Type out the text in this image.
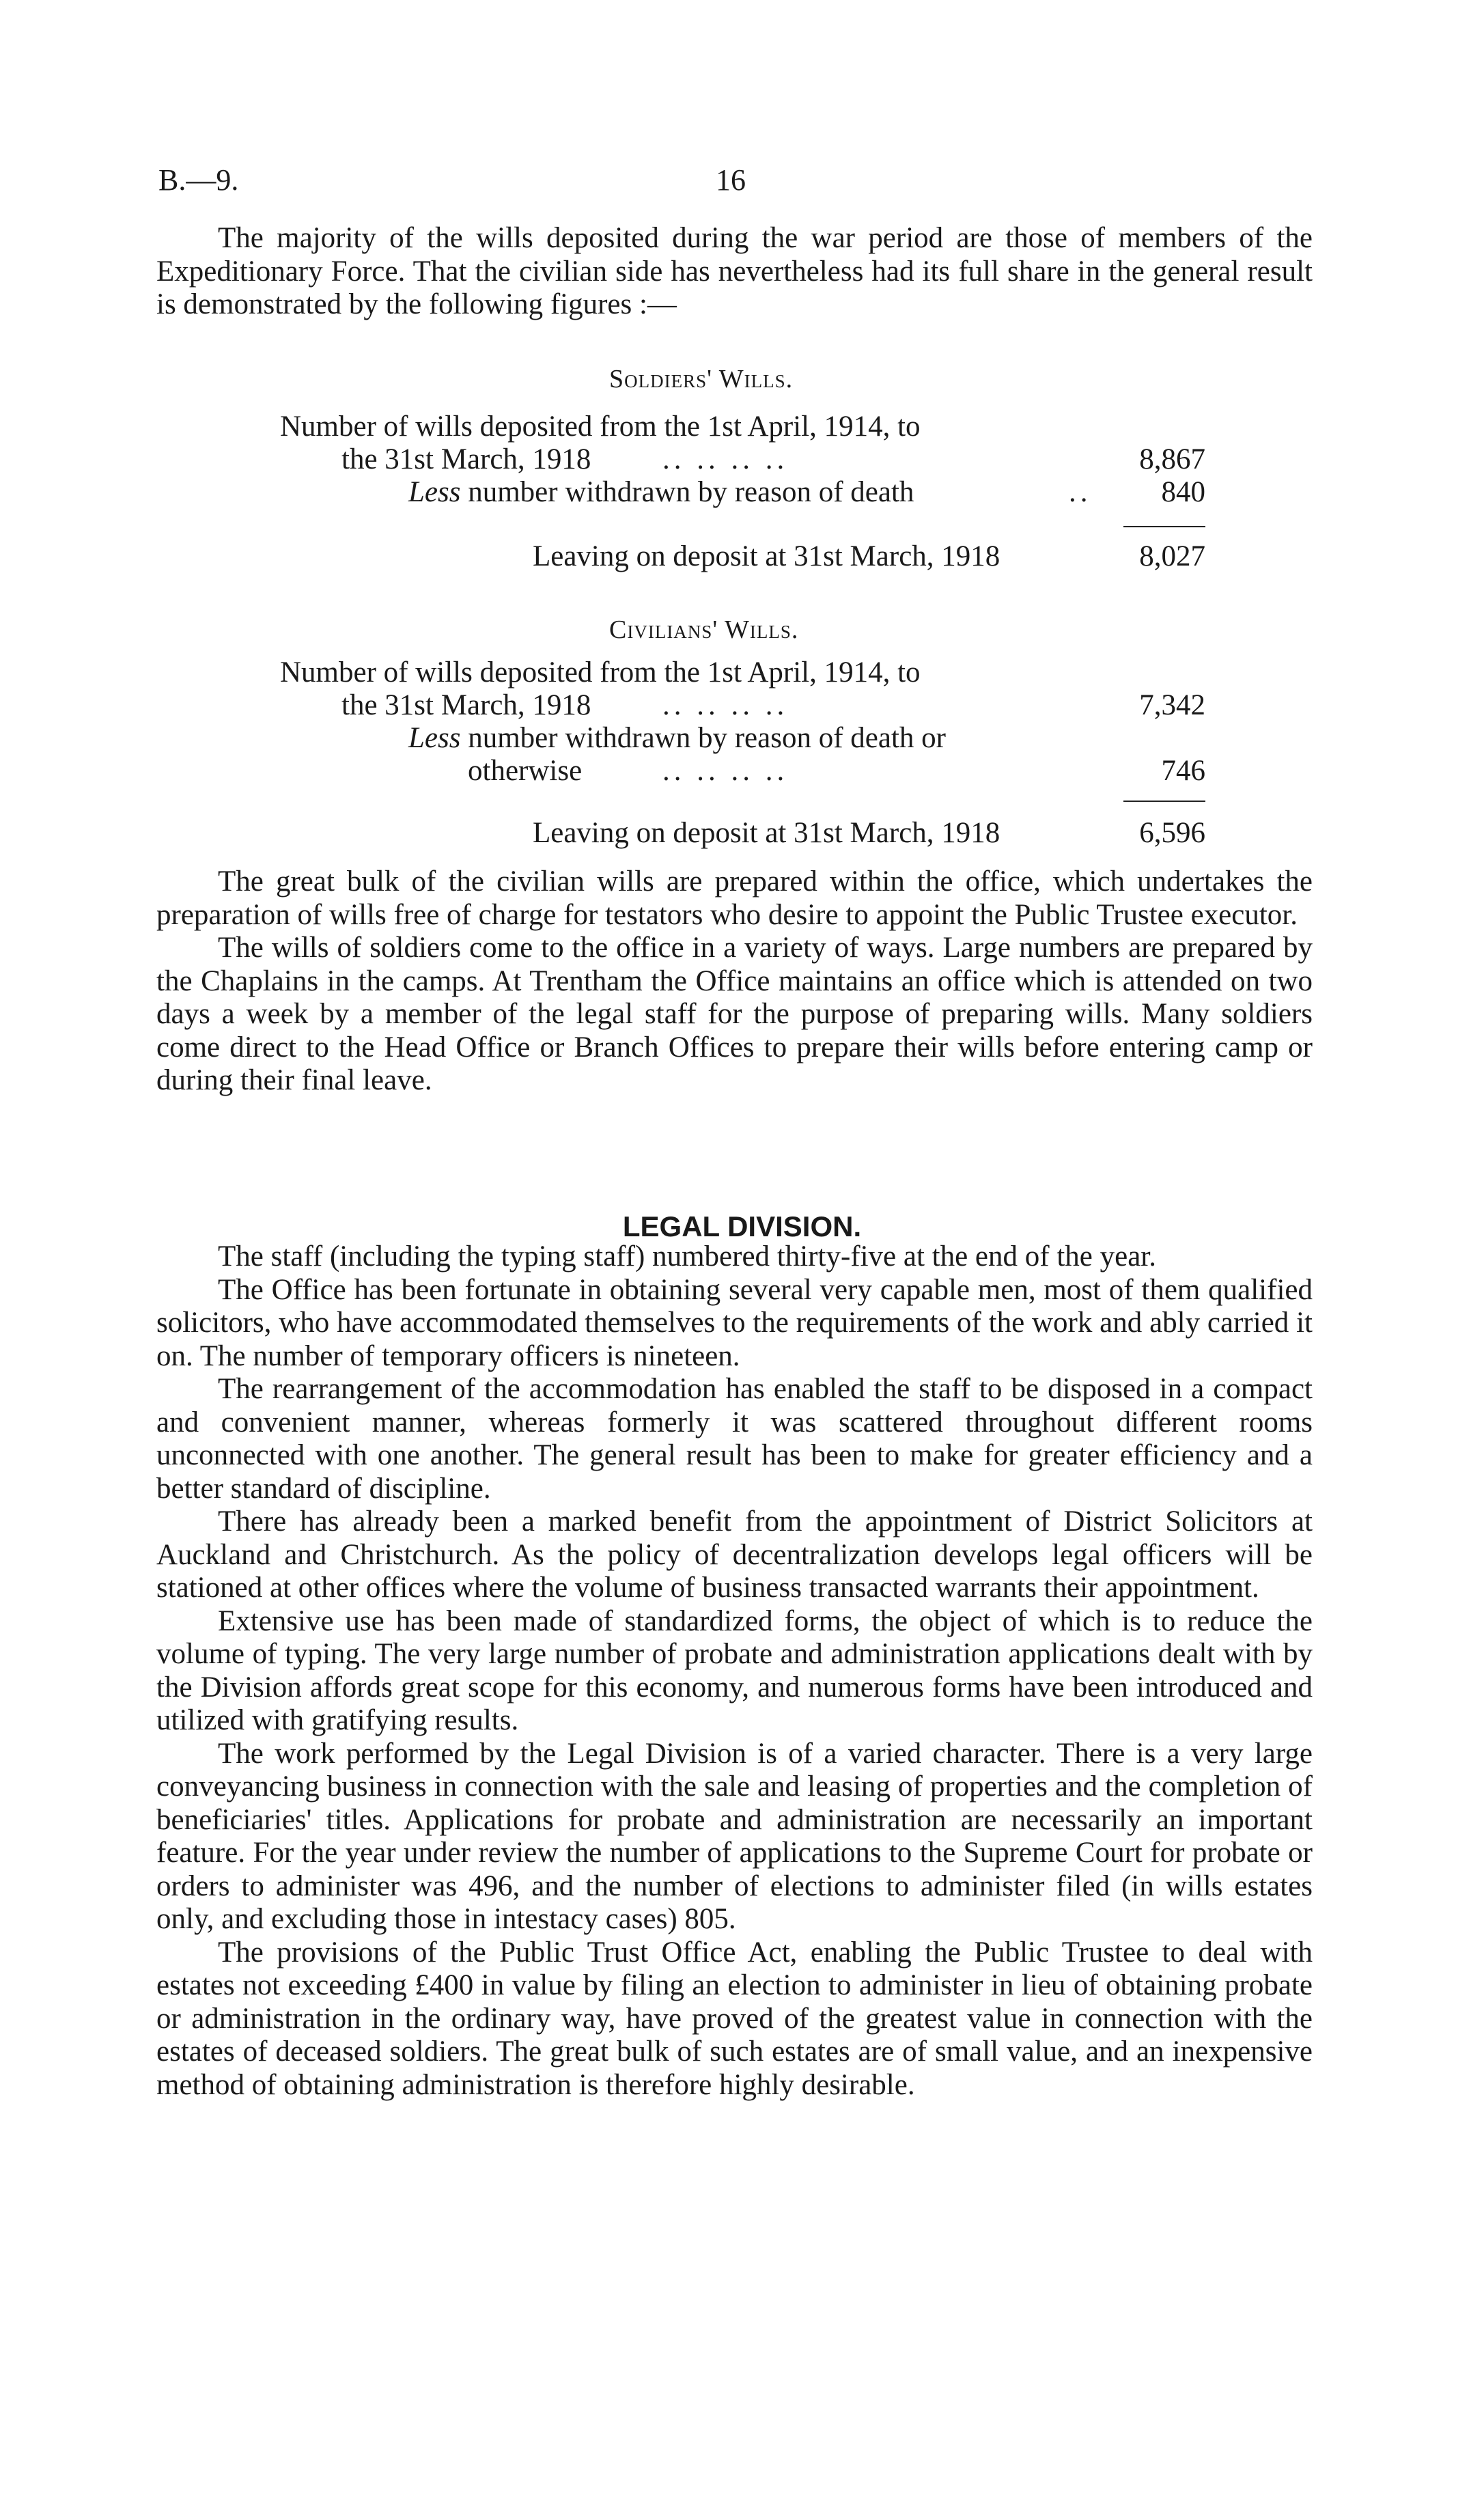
B.—9.	16

The majority of the wills deposited during the war period are those of members of the Expeditionary Force. That the civilian side has nevertheless had its full share in the general result is demonstrated by the following figures :—

Soldiers' Wills.
Number of wills deposited from the 1st April, 1914, to
the 31st March, 1918 .. .. .. ..	8,867
Less number withdrawn by reason of death	..	840
Leaving on deposit at 31st March, 1918	8,027
Civilians' Wills.
Number of wills deposited from the 1st April, 1914, to
the 31st March, 1918 .. .. .. ..	7,342
Less number withdrawn by reason of death or
otherwise	.. .. .. ..	746
Leaving on deposit at 31st March, 1918	6,596

The great bulk of the civilian wills are prepared within the office, which undertakes the preparation of wills free of charge for testators who desire to appoint the Public Trustee executor.

The wills of soldiers come to the office in a variety of ways. Large numbers are prepared by the Chaplains in the camps. At Trentham the Office maintains an office which is attended on two days a week by a member of the legal staff for the purpose of preparing wills. Many soldiers come direct to the Head Office or Branch Offices to prepare their wills before entering camp or during their final leave.

LEGAL DIVISION.

The staff (including the typing staff) numbered thirty-five at the end of the year.

The Office has been fortunate in obtaining several very capable men, most of them qualified solicitors, who have accommodated themselves to the requirements of the work and ably carried it on. The number of temporary officers is nineteen.

The rearrangement of the accommodation has enabled the staff to be disposed in a compact and convenient manner, whereas formerly it was scattered throughout different rooms unconnected with one another. The general result has been to make for greater efficiency and a better standard of discipline.

There has already been a marked benefit from the appointment of District Solicitors at Auckland and Christchurch. As the policy of decentralization develops legal officers will be stationed at other offices where the volume of business transacted warrants their appointment.

Extensive use has been made of standardized forms, the object of which is to reduce the volume of typing. The very large number of probate and administration applications dealt with by the Division affords great scope for this economy, and numerous forms have been introduced and utilized with gratifying results.

The work performed by the Legal Division is of a varied character. There is a very large conveyancing business in connection with the sale and leasing of properties and the completion of beneficiaries' titles. Applications for probate and administration are necessarily an important feature. For the year under review the number of applications to the Supreme Court for probate or orders to administer was 496, and the number of elections to administer filed (in wills estates only, and excluding those in intestacy cases) 805.

The provisions of the Public Trust Office Act, enabling the Public Trustee to deal with estates not exceeding £400 in value by filing an election to administer in lieu of obtaining probate or administration in the ordinary way, have proved of the greatest value in connection with the estates of deceased soldiers. The great bulk of such estates are of small value, and an inexpensive method of obtaining administration is therefore highly desirable.
